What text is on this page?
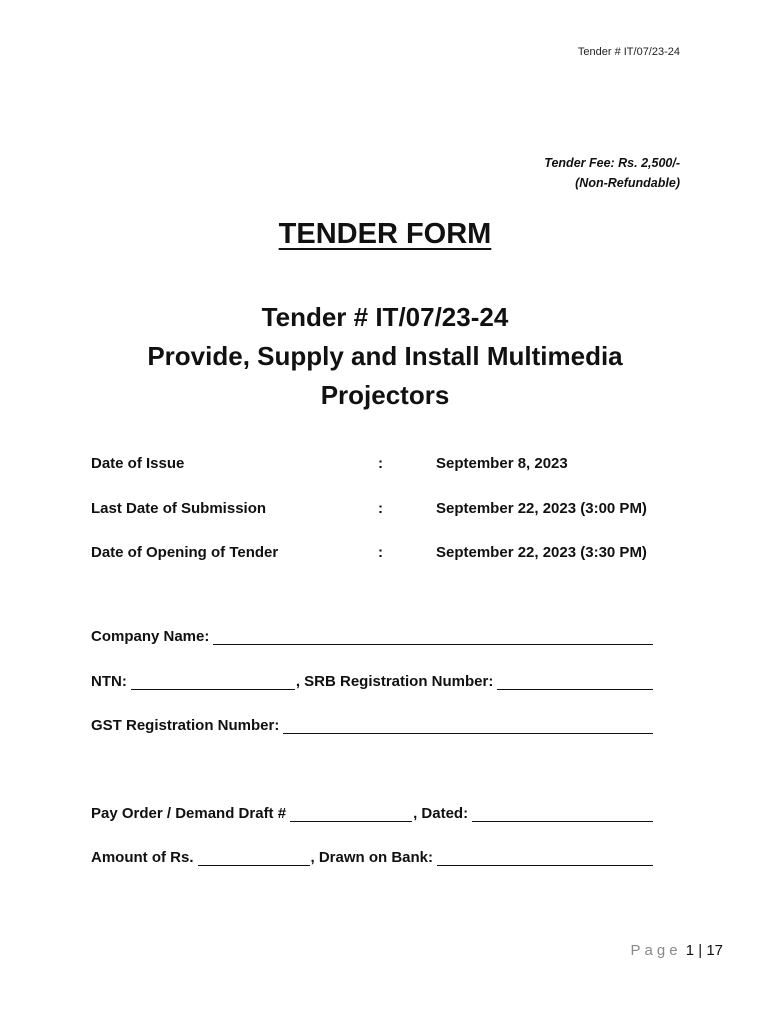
Tender # IT/07/23-24
Tender Fee: Rs. 2,500/-
(Non-Refundable)
TENDER FORM
Tender # IT/07/23-24
Provide, Supply and Install Multimedia
Projectors
Date of Issue	:	September 8, 2023
Last Date of Submission	:	September 22, 2023 (3:00 PM)
Date of Opening of Tender	:	September 22, 2023 (3:30 PM)
Company Name:
NTN:	, SRB Registration Number:
GST Registration Number:
Pay Order / Demand Draft #	, Dated:
Amount of Rs.	, Drawn on Bank:
Page 1 | 17
